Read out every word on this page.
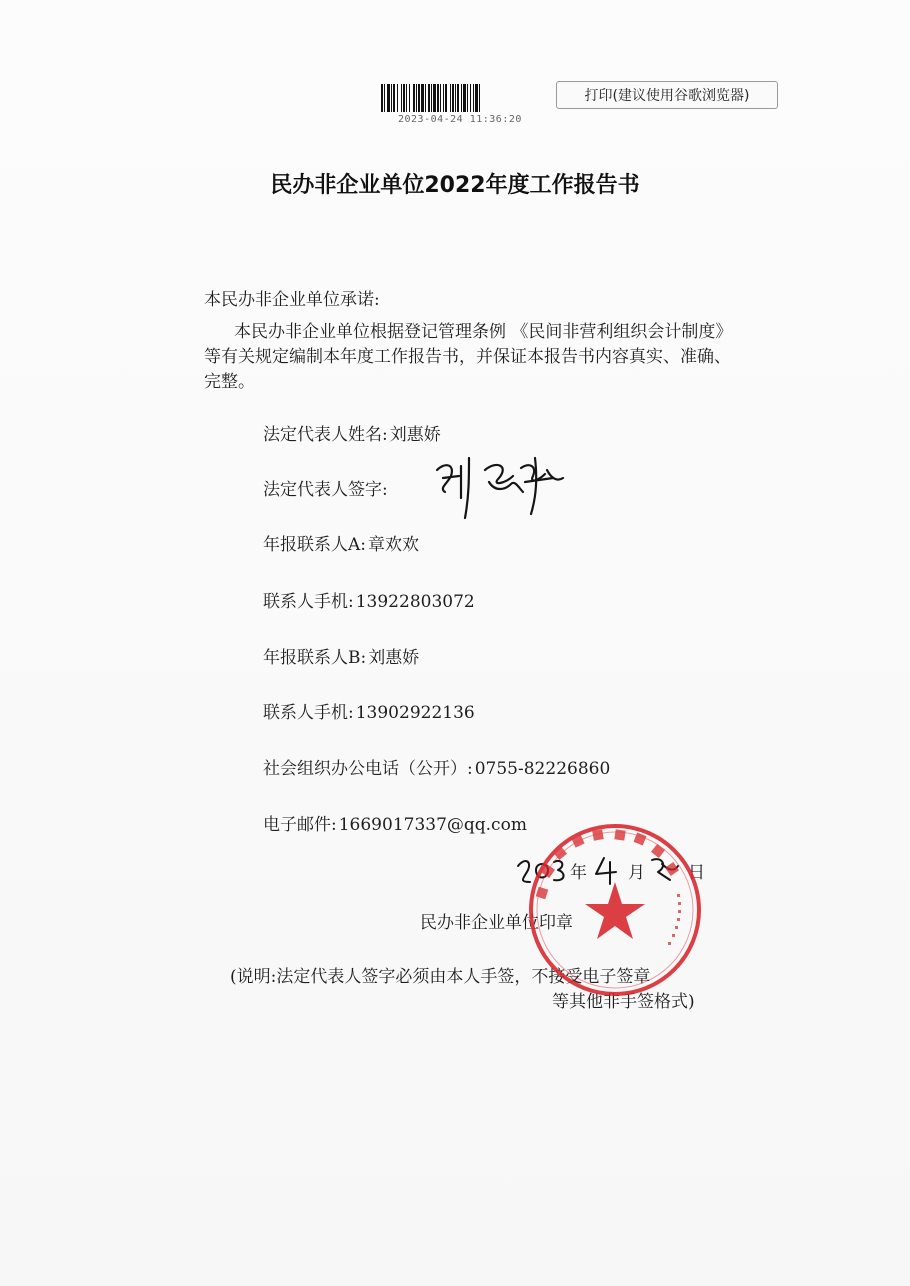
2023-04-24 11:36:20
打印(建议使用谷歌浏览器)
民办非企业单位2022年度工作报告书
本民办非企业单位承诺:
本民办非企业单位根据登记管理条例 《民间非营利组织会计制度》 等有关规定编制本年度工作报告书，并保证本报告书内容真实、准确、完整。
法定代表人姓名: 刘惠娇
法定代表人签字:
年报联系人A: 章欢欢
联系人手机: 13922803072
年报联系人B: 刘惠娇
联系人手机: 13902922136
社会组织办公电话（公开）: 0755-82226860
电子邮件: 1669017337@qq.com
年 月	日
民办非企业单位印章
(说明:法定代表人签字必须由本人手签，不接受电子签章
等其他非手签格式)
